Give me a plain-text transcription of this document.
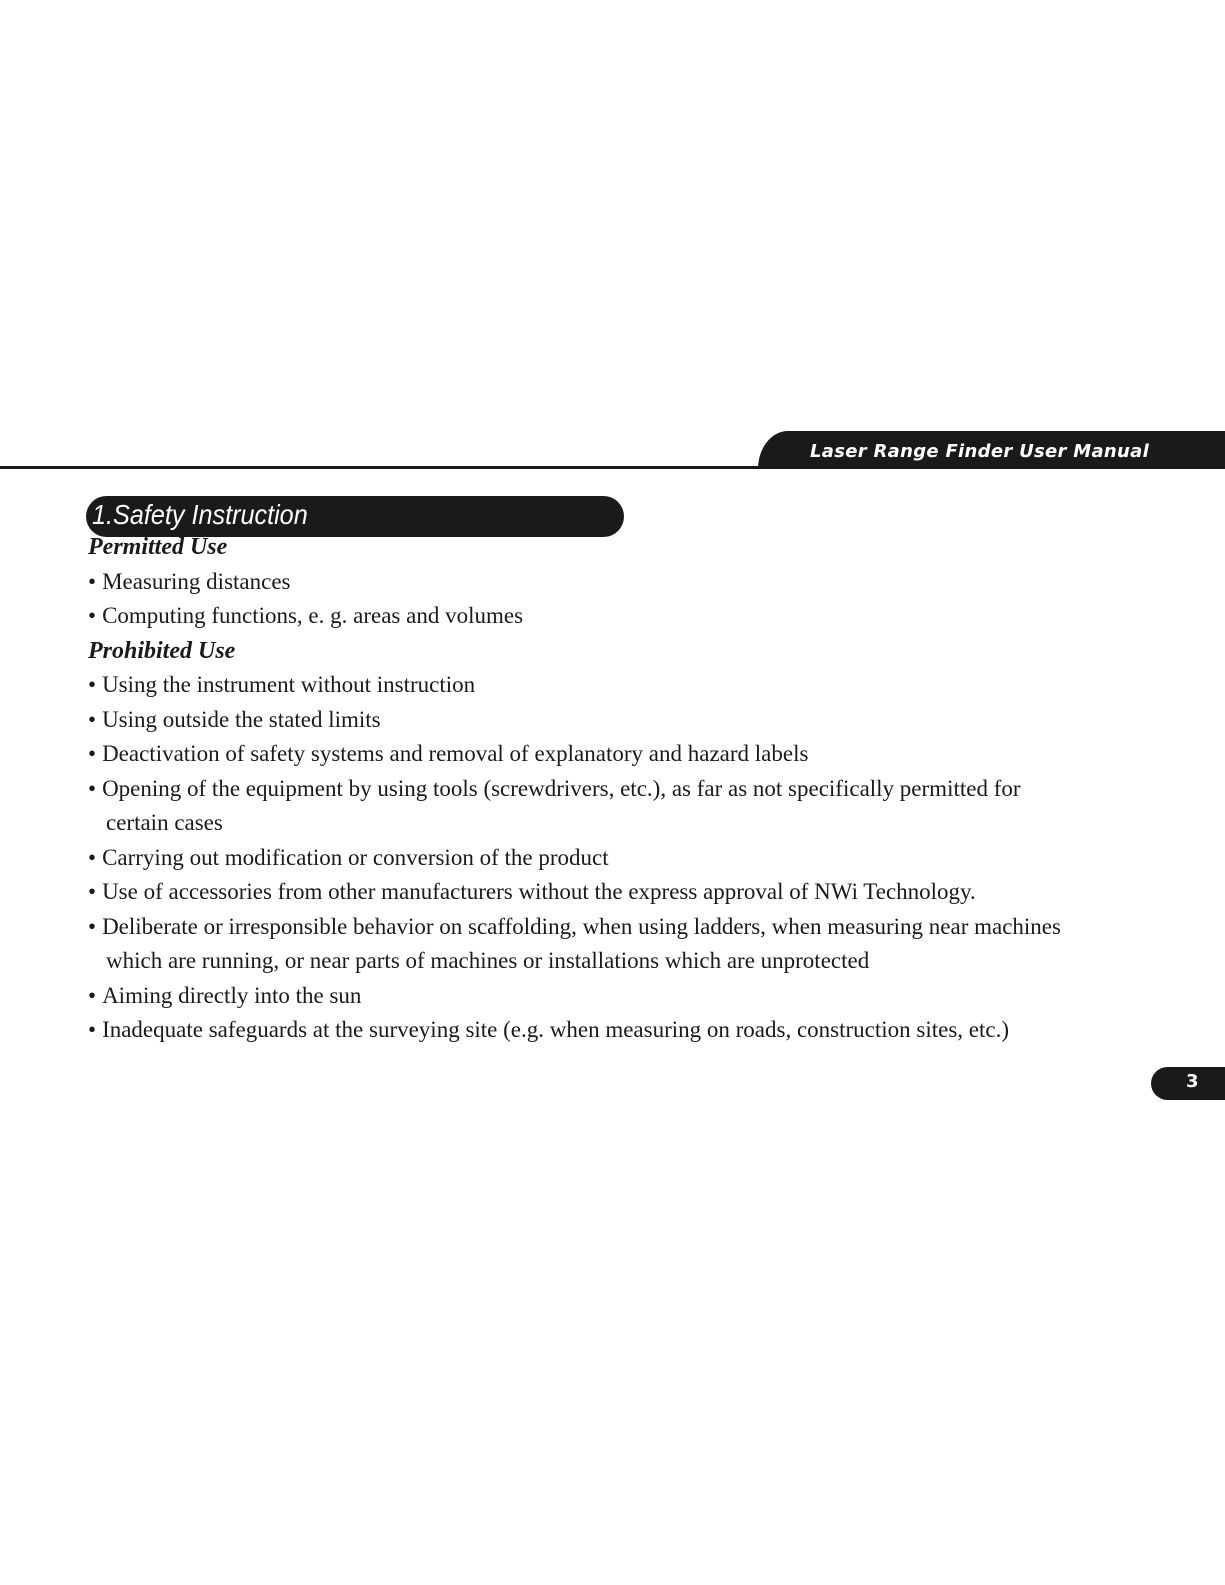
Laser Range Finder User Manual
1.Safety Instruction
Permitted Use
• Measuring distances
• Computing functions, e. g. areas and volumes
Prohibited Use
• Using the instrument without instruction
• Using outside the stated limits
• Deactivation of safety systems and removal of explanatory and hazard labels
• Opening of the equipment by using tools (screwdrivers, etc.), as far as not specifically permitted for
certain cases
• Carrying out modification or conversion of the product
• Use of accessories from other manufacturers without the express approval of NWi Technology.
• Deliberate or irresponsible behavior on scaffolding, when using ladders, when measuring near machines
which are running, or near parts of machines or installations which are unprotected
• Aiming directly into the sun
• Inadequate safeguards at the surveying site (e.g. when measuring on roads, construction sites, etc.)
3
